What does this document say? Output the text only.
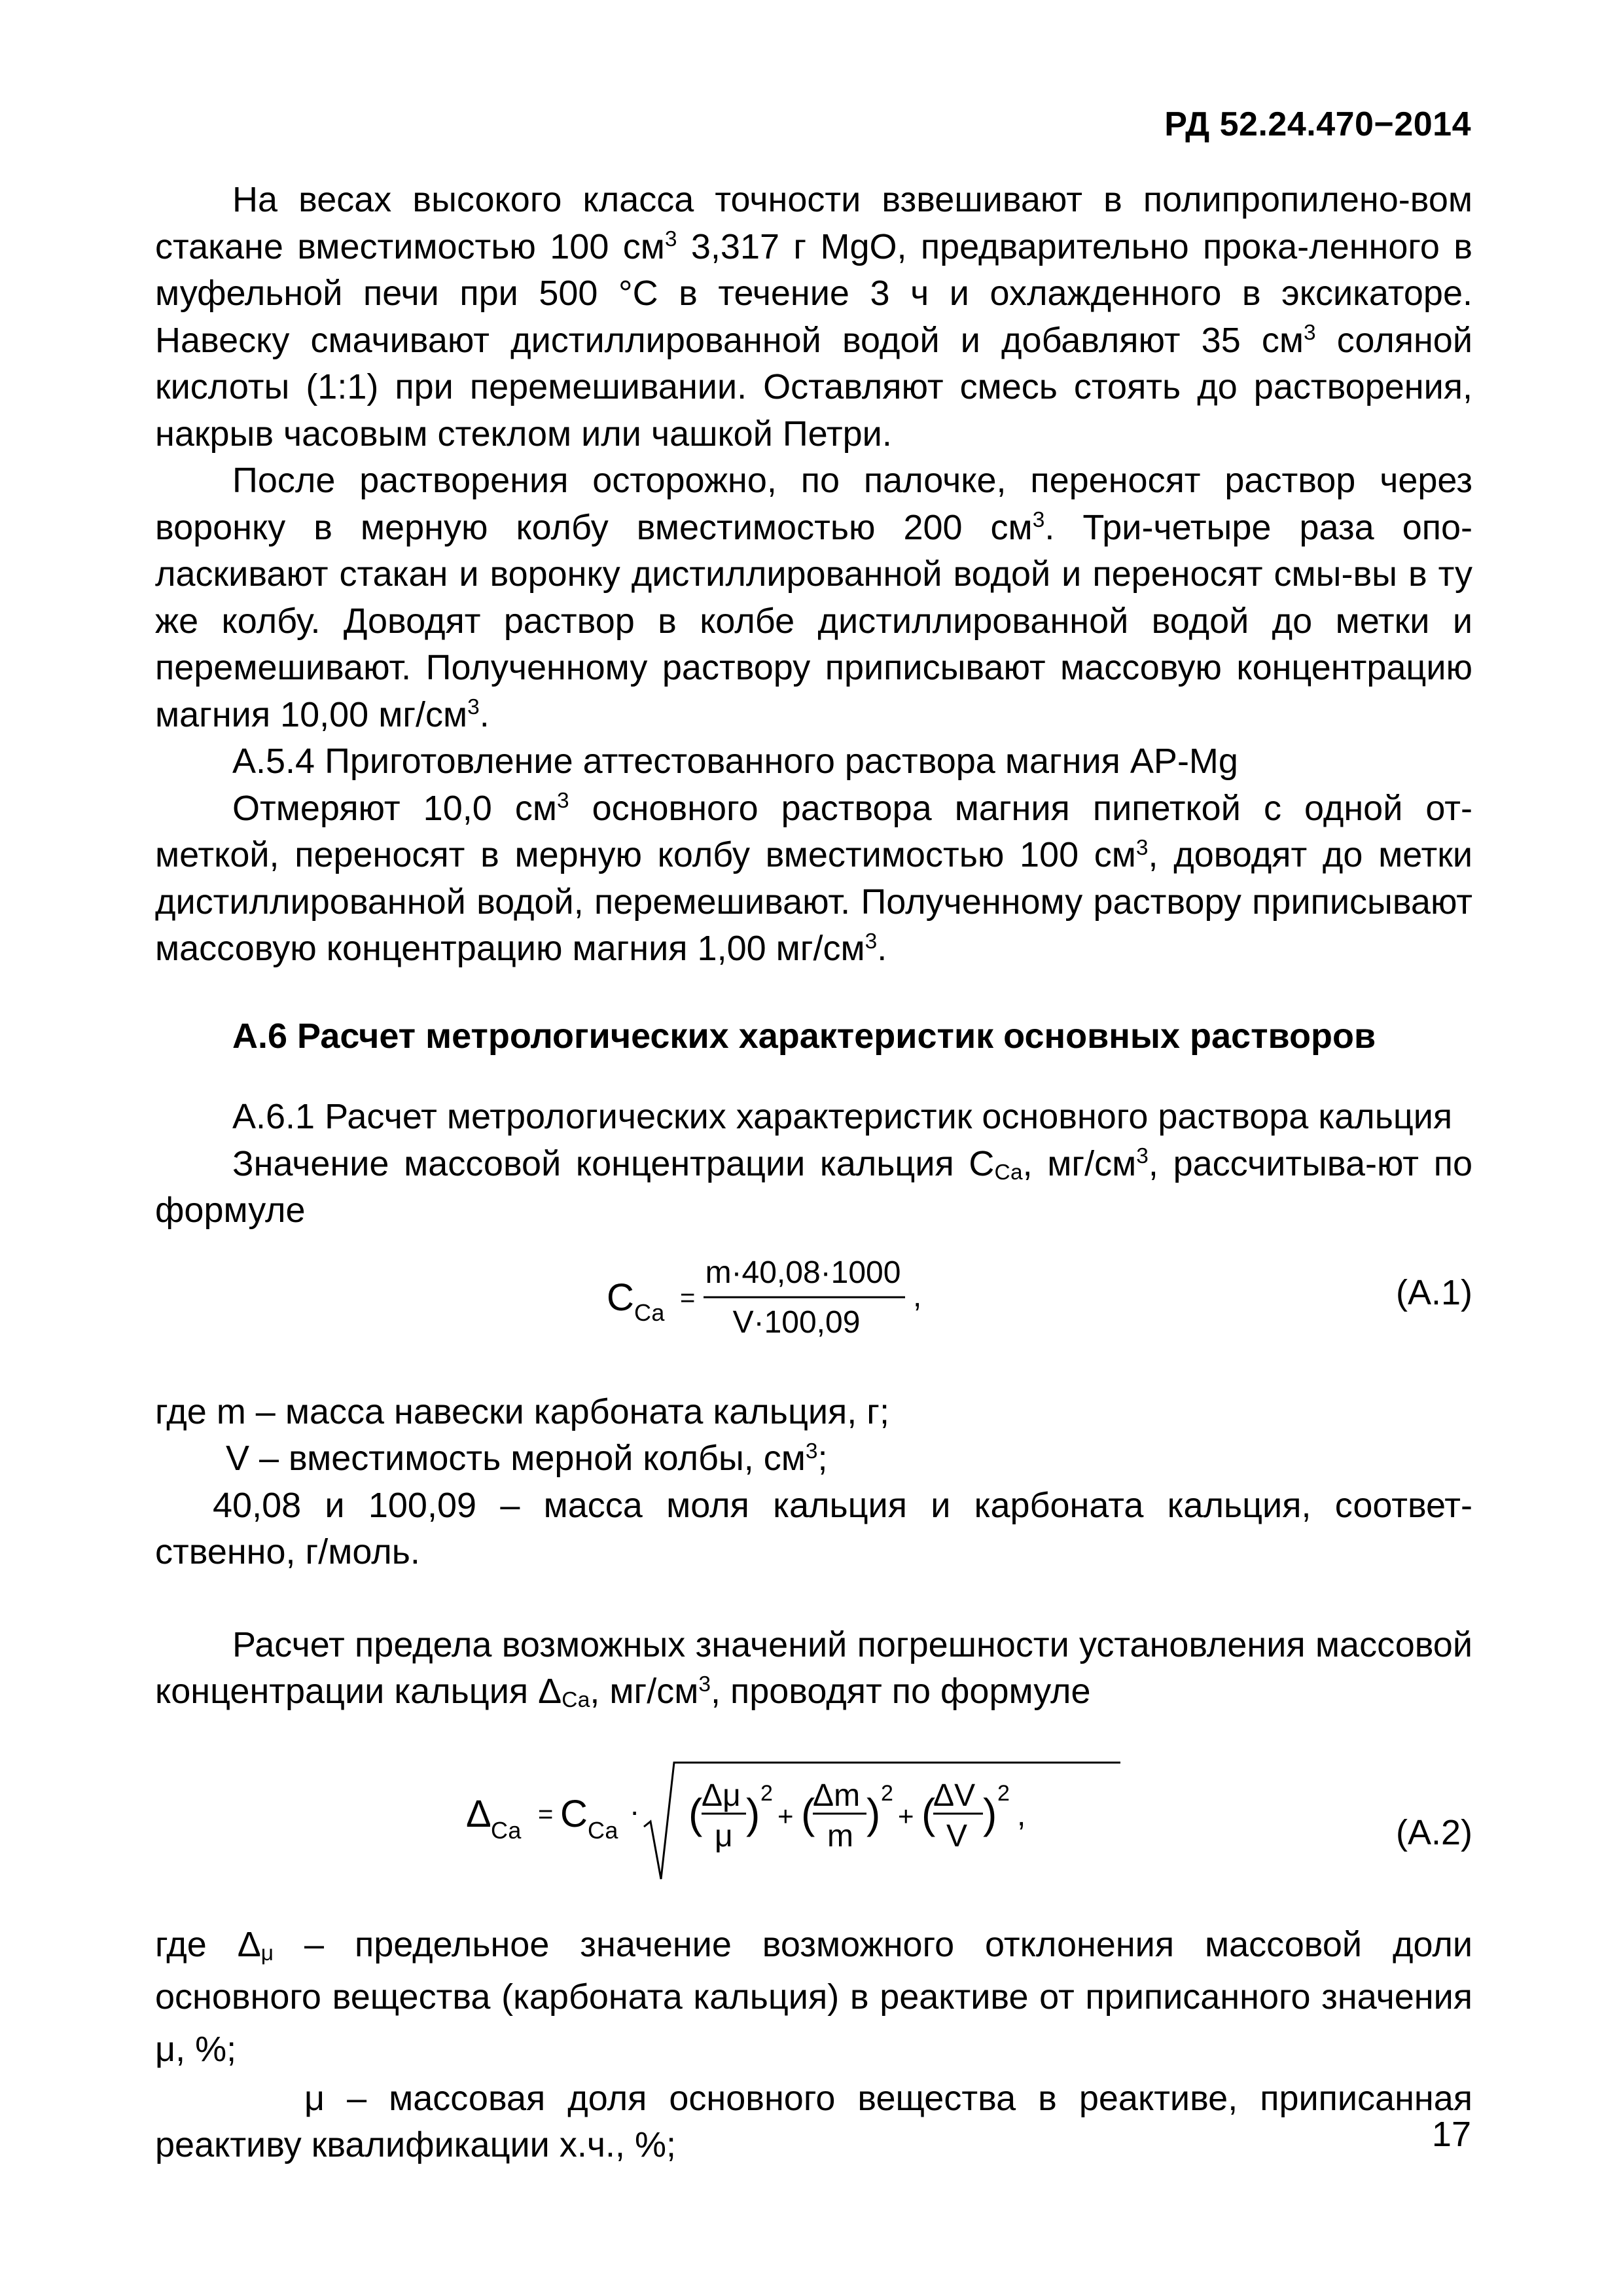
РД 52.24.470−2014

На весах высокого класса точности взвешивают в полипропилено-вом стакане вместимостью 100 $см^3$ 3,317 г MgO, предварительно прока-ленного в муфельной печи при 500 °С в течение 3 ч и охлажденного в эксикаторе. Навеску смачивают дистиллированной водой и добавляют 35 $см^3$ соляной кислоты (1:1) при перемешивании. Оставляют смесь стоять до растворения, накрыв часовым стеклом или чашкой Петри.

После растворения осторожно, по палочке, переносят раствор через воронку в мерную колбу вместимостью 200 $см^3$. Три-четыре раза опо-ласкивают стакан и воронку дистиллированной водой и переносят смы-вы в ту же колбу. Доводят раствор в колбе дистиллированной водой до метки и перемешивают. Полученному раствору приписывают массовую концентрацию магния 10,00 $мг/см^3$.

А.5.4 Приготовление аттестованного раствора магния АР-Mg

Отмеряют 10,0 $см^3$ основного раствора магния пипеткой с одной от-меткой, переносят в мерную колбу вместимостью 100 $см^3$, доводят до метки дистиллированной водой, перемешивают. Полученному раствору приписывают массовую концентрацию магния 1,00 $мг/см^3$.

А.6 Расчет метрологических характеристик основных растворов

А.6.1 Расчет метрологических характеристик основного раствора кальция

Значение массовой концентрации кальция $С_{Са}$, $мг/см^3$, рассчитыва-ют по формуле

С Са
=
m·40,08·1000
V·100,09
,	(А.1)

где m – масса навески карбоната кальция, г;

V – вместимость мерной колбы, $см^3$;

40,08 и 100,09 – масса моля кальция и карбоната кальция, соответ-ственно, г/моль.

Расчет предела возможных значений погрешности установления массовой концентрации кальция $\Delta_{Са}$, $мг/см^3$, проводят по формуле

Δ Са
= С Са
· (
Δμ
μ ) 2
+ (
Δm
m ) 2
+ (
ΔV
V ) 2
,	(А.2)

где $\Delta_\mu$ – предельное значение возможного отклонения массовой доли основного вещества (карбоната кальция) в реактиве от приписанного значения μ, %;

μ – массовая доля основного вещества в реактиве, приписанная реактиву квалификации х.ч., %;	17
